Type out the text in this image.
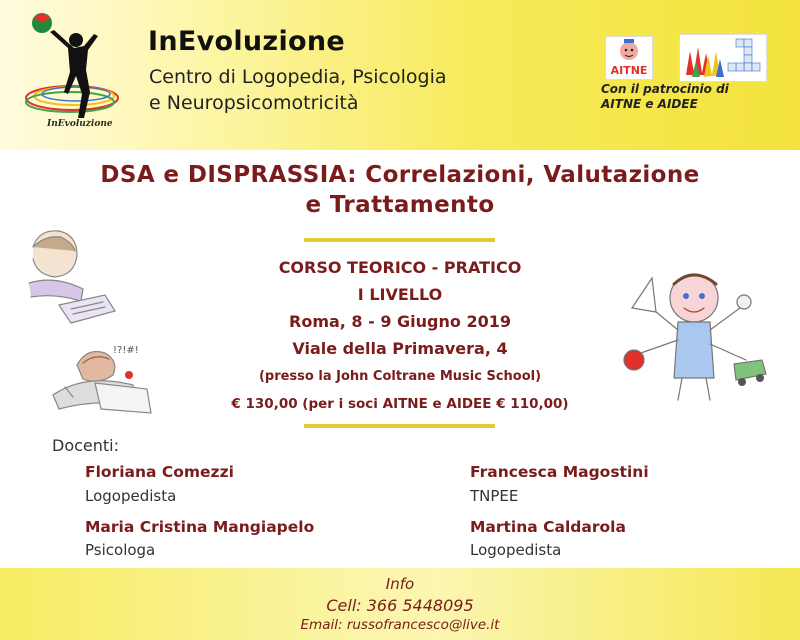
InEvoluzione
InEvoluzione
Centro di Logopedia, Psicologia
e Neuropsicomotricità
AITNE
Con il patrocinio di
AITNE e AIDEE
DSA e DISPRASSIA: Correlazioni, Valutazione
e Trattamento
CORSO TEORICO - PRATICO
I LIVELLO
Roma, 8 - 9 Giugno 2019
Viale della Primavera, 4
(presso la John Coltrane Music School)
€ 130,00 (per i soci AITNE e AIDEE € 110,00)
!?!#!
Docenti:
Floriana Comezzi
Logopedista
Francesca Magostini
TNPEE
Maria Cristina Mangiapelo
Psicologa
Martina Caldarola
Logopedista
Info
Cell: 366 5448095
Email: russofrancesco@live.it
